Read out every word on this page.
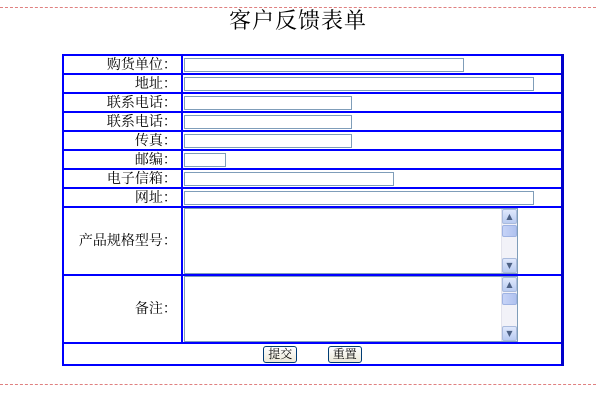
客户反馈表单
购货单位：	

地址：	

联系电话：	

联系电话：	

传真：	

邮编：	

电子信箱：	

网址：	

产品规格型号：	▲
▼

备注：	▲
▼

提交 重置	
